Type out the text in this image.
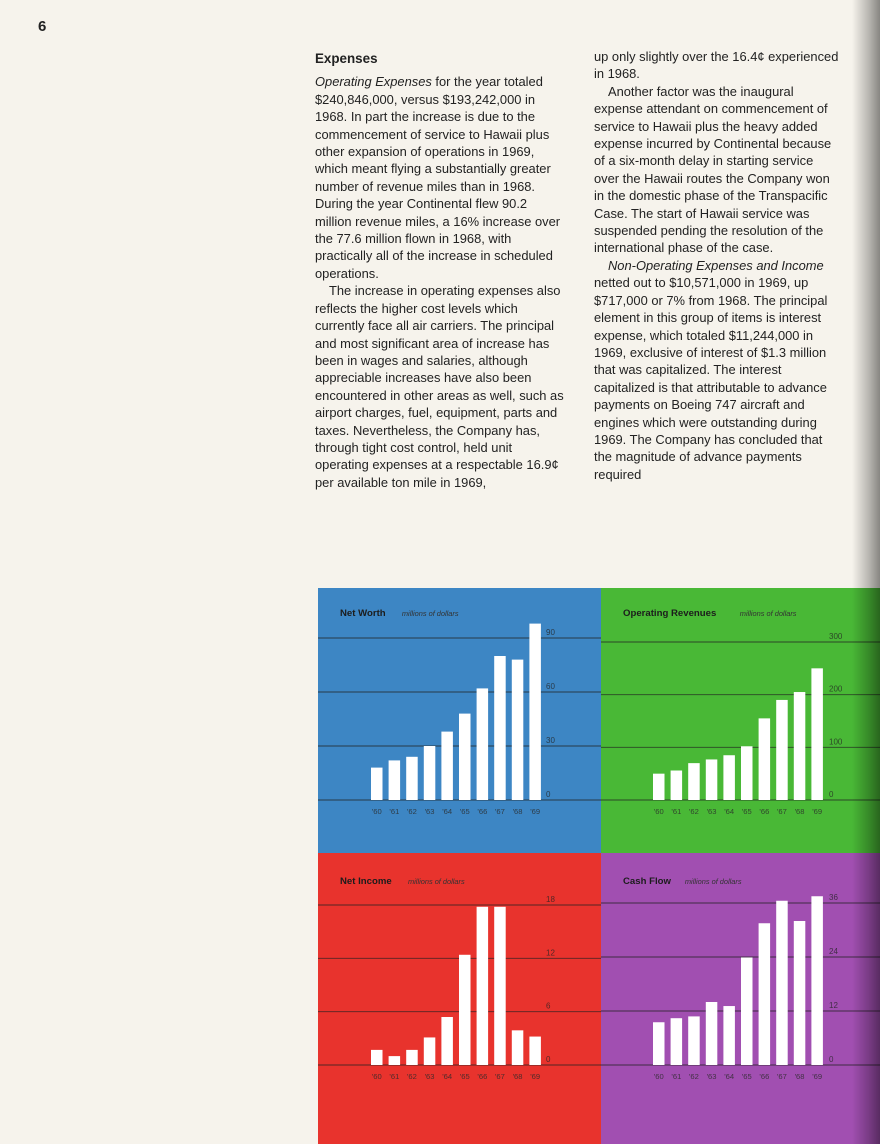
6

Expenses

Operating Expenses for the year totaled $240,846,000, versus $193,242,000 in 1968. In part the increase is due to the commencement of service to Hawaii plus other expansion of operations in 1969, which meant flying a substantially greater number of revenue miles than in 1968. During the year Continental flew 90.2 million revenue miles, a 16% increase over the 77.6 million flown in 1968, with practically all of the increase in scheduled operations.

The increase in operating expenses also reflects the higher cost levels which currently face all air carriers. The principal and most significant area of increase has been in wages and salaries, although appreciable increases have also been encountered in other areas as well, such as airport charges, fuel, equipment, parts and taxes. Nevertheless, the Company has, through tight cost control, held unit operating expenses at a respectable 16.9¢ per available ton mile in 1969,

up only slightly over the 16.4¢ experienced in 1968.

Another factor was the inaugural expense attendant on commencement of service to Hawaii plus the heavy added expense incurred by Continental because of a six-month delay in starting service over the Hawaii routes the Company won in the domestic phase of the Transpacific Case. The start of Hawaii service was suspended pending the resolution of the international phase of the case.

Non-Operating Expenses and Income netted out to $10,571,000 in 1969, up $717,000 or 7% from 1968. The principal element in this group of items is interest expense, which totaled $11,244,000 in 1969, exclusive of interest of $1.3 million that was capitalized. The interest capitalized is that attributable to advance payments on Boeing 747 aircraft and engines which were outstanding during 1969. The Company has concluded that the magnitude of advance payments required

Net Worth millions of dollars
0
30
60
90
'60 '61 '62 '63 '64 '65 '66 '67 '68 '69
Operating Revenues	millions of dollars
0
100
200
300
'60 '61 '62 '63 '64 '65 '66 '67 '68 '69
Net Income millions of dollars
0
6
12
18
'60 '61 '62 '63 '64 '65 '66 '67 '68 '69
Cash Flow millions of dollars
0
12
24
36
'60 '61 '62 '63 '64 '65 '66 '67 '68 '69
